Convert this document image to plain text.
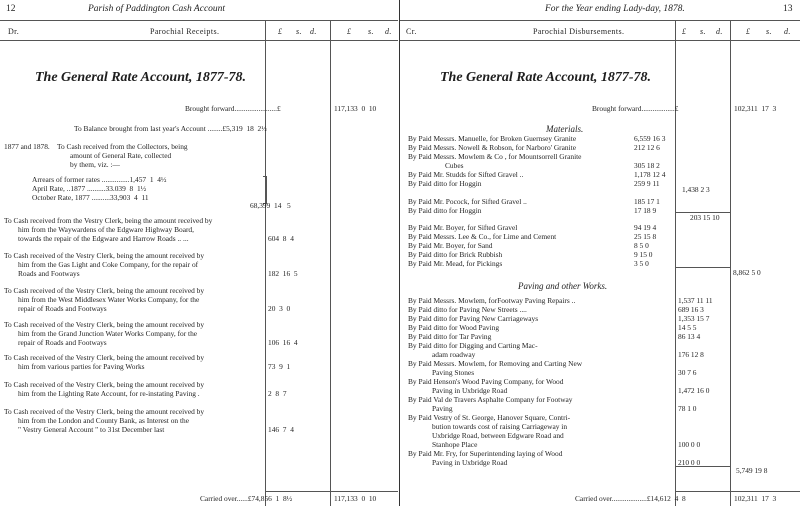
12	Parish of Paddington Cash Account
Dr.	Parochial Receipts.	£ s. d.	£ s. d.
The General Rate Account, 1877-78.
Brought forward.......................£	117,133 0 10
To Balance brought from last year's Account ........£5,319 18 2½
1877 and 1878. To Cash received from the Collectors, being
amount of General Rate, collected
by them, viz. :—
Arrears of former rates ...............1,457 1 4½
April Rate, ..1877 ..........33.039 8 1½
October Rate, 1877 ..........33,903 4 11
68,399 14 5
To Cash received from the Vestry Clerk, being the amount received by
him from the Waywardens of the Edgware Highway Board,
towards the repair of the Edgware and Harrow Roads .. ...	604 8 4
To Cash received of the Vestry Clerk, being the amount received by
him from the Gas Light and Coke Company, for the repair of
Roads and Footways	182 16 5
To Cash received of the Vestry Clerk, being the amount received by
him from the West Middlesex Water Works Company, for the
repair of Roads and Footways	20 3 0
To Cash received of the Vestry Clerk, being the amount received by
him from the Grand Junction Water Works Company, for the
repair of Roads and Footways	106 16 4
To Cash received of the Vestry Clerk, being the amount received by
him from various parties for Paving Works	73 9 1
To Cash received of the Vestry Clerk, being the amount received by
him from the Lighting Rate Account, for re-instating Paving .	2 8 7
To Cash received of the Vestry Clerk, being the amount received by
him from the London and County Bank, as Interest on the
" Vestry General Account " to 31st December last	146 7 4
Carried over......£74,856 1 8½	117,133 0 10
For the Year ending Lady-day, 1878.	13
Cr.	Parochial Disbursements.	£ s. d.	£ s. d.
The General Rate Account, 1877-78.
Brought forward..................£	102,311 17 3
Materials.
By Paid Messrs. Manuelle, for Broken Guernsey Granite	6,559 16 3
By Paid Messrs. Nowell & Robson, for Narboro' Granite	212 12 6
By Paid Messrs. Mowlem & Co , for Mountsorrell Granite
Cubes	305 18 2
By Paid Mr. Studds for Sifted Gravel ..	1,178 12 4
By Paid ditto for Hoggin	259 9 11
By Paid Mr. Pocock, for Sifted Gravel ..	185 17 1
By Paid ditto for Hoggin	17 18 9
By Paid Mr. Boyer, for Sifted Gravel	94 19 4
By Paid Messrs. Lee & Co., for Lime and Cement	25 15 8
By Paid Mr. Boyer, for Sand	8 5 0
By Paid ditto for Brick Rubbish	9 15 0
By Paid Mr. Mead, for Pickings	3 5 0
1,438 2 3
203 15 10
8,862 5 0
Paving and other Works.
By Paid Messrs. Mowlem, forFootway Paving Repairs ..	1,537 11 11
By Paid ditto for Paving New Streets ....	689 16 3
By Paid ditto for Paving New Carriageways	1,353 15 7
By Paid ditto for Wood Paving	14 5 5
By Paid ditto for Tar Paving	86 13 4
By Paid ditto for Digging and Carting Mac-
adam roadway	176 12 8
By Paid Messrs. Mowlem, for Removing and Carting New
Paving Stones	30 7 6
By Paid Henson's Wood Paving Company, for Wood
Paving in Uxbridge Road	1,472 16 0
By Paid Val de Travers Asphalte Company for Footway
Paving	78 1 0
By Paid Vestry of St. George, Hanover Square, Contri-
bution towards cost of raising Carriageway in
Uxbridge Road, between Edgware Road and
Stanhope Place	100 0 0
By Paid Mr. Fry, for Superintending laying of Wood
Paving in Uxbridge Road	210 0 0
5,749 19 8
Carried over...................£14,612 4 8	102,311 17 3
